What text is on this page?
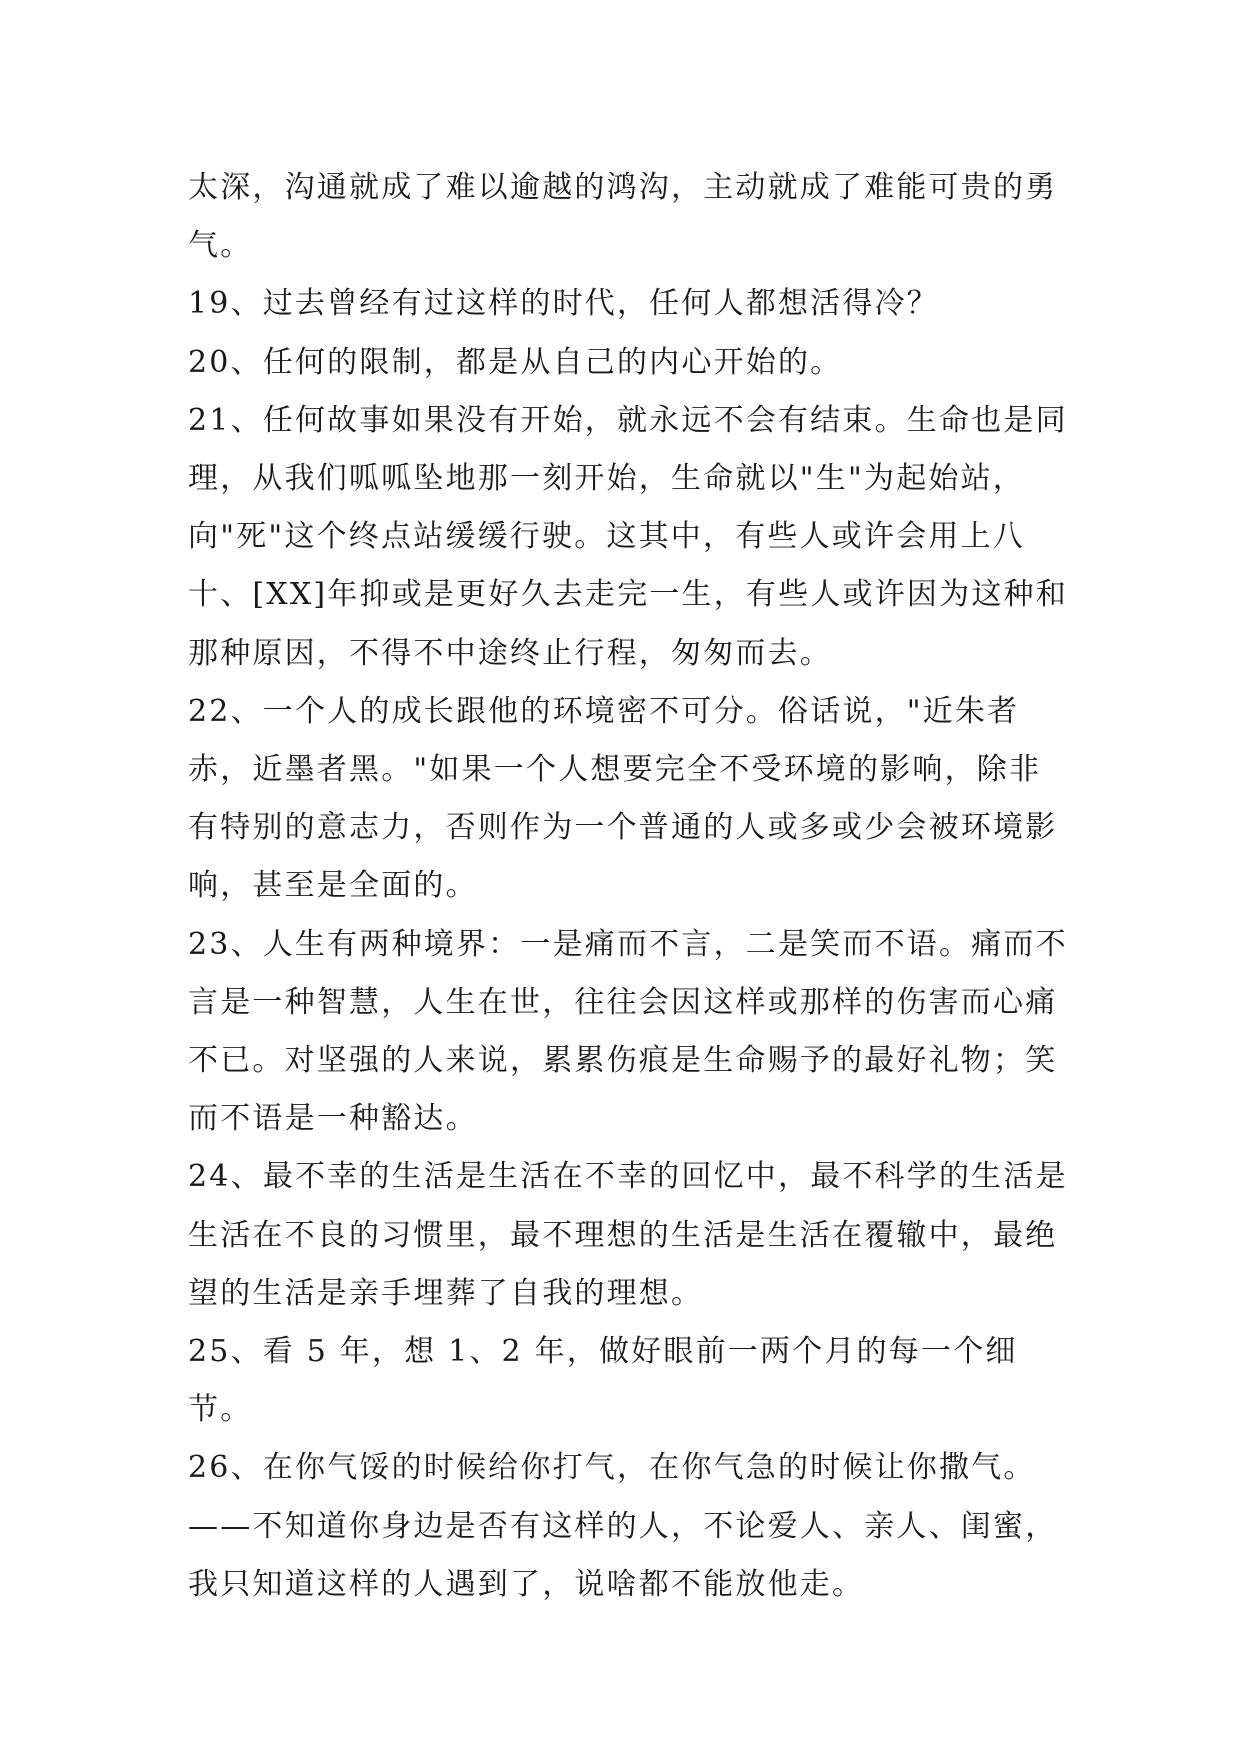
太深，沟通就成了难以逾越的鸿沟，主动就成了难能可贵的勇气。

19、过去曾经有过这样的时代，任何人都想活得冷？

20、任何的限制，都是从自己的内心开始的。

21、任何故事如果没有开始，就永远不会有结束。生命也是同理，从我们呱呱坠地那一刻开始，生命就以"生"为起始站，向"死"这个终点站缓缓行驶。这其中，有些人或许会用上八十、[XX]年抑或是更好久去走完一生，有些人或许因为这种和那种原因，不得不中途终止行程，匆匆而去。

22、一个人的成长跟他的环境密不可分。俗话说，"近朱者赤，近墨者黑。"如果一个人想要完全不受环境的影响，除非有特别的意志力，否则作为一个普通的人或多或少会被环境影响，甚至是全面的。

23、人生有两种境界：一是痛而不言，二是笑而不语。痛而不言是一种智慧，人生在世，往往会因这样或那样的伤害而心痛不已。对坚强的人来说，累累伤痕是生命赐予的最好礼物；笑而不语是一种豁达。

24、最不幸的生活是生活在不幸的回忆中，最不科学的生活是生活在不良的习惯里，最不理想的生活是生活在覆辙中，最绝望的生活是亲手埋葬了自我的理想。

25、看 5 年，想 1、2 年，做好眼前一两个月的每一个细节。

26、在你气馁的时候给你打气，在你气急的时候让你撒气。——不知道你身边是否有这样的人，不论爱人、亲人、闺蜜，我只知道这样的人遇到了，说啥都不能放他走。
